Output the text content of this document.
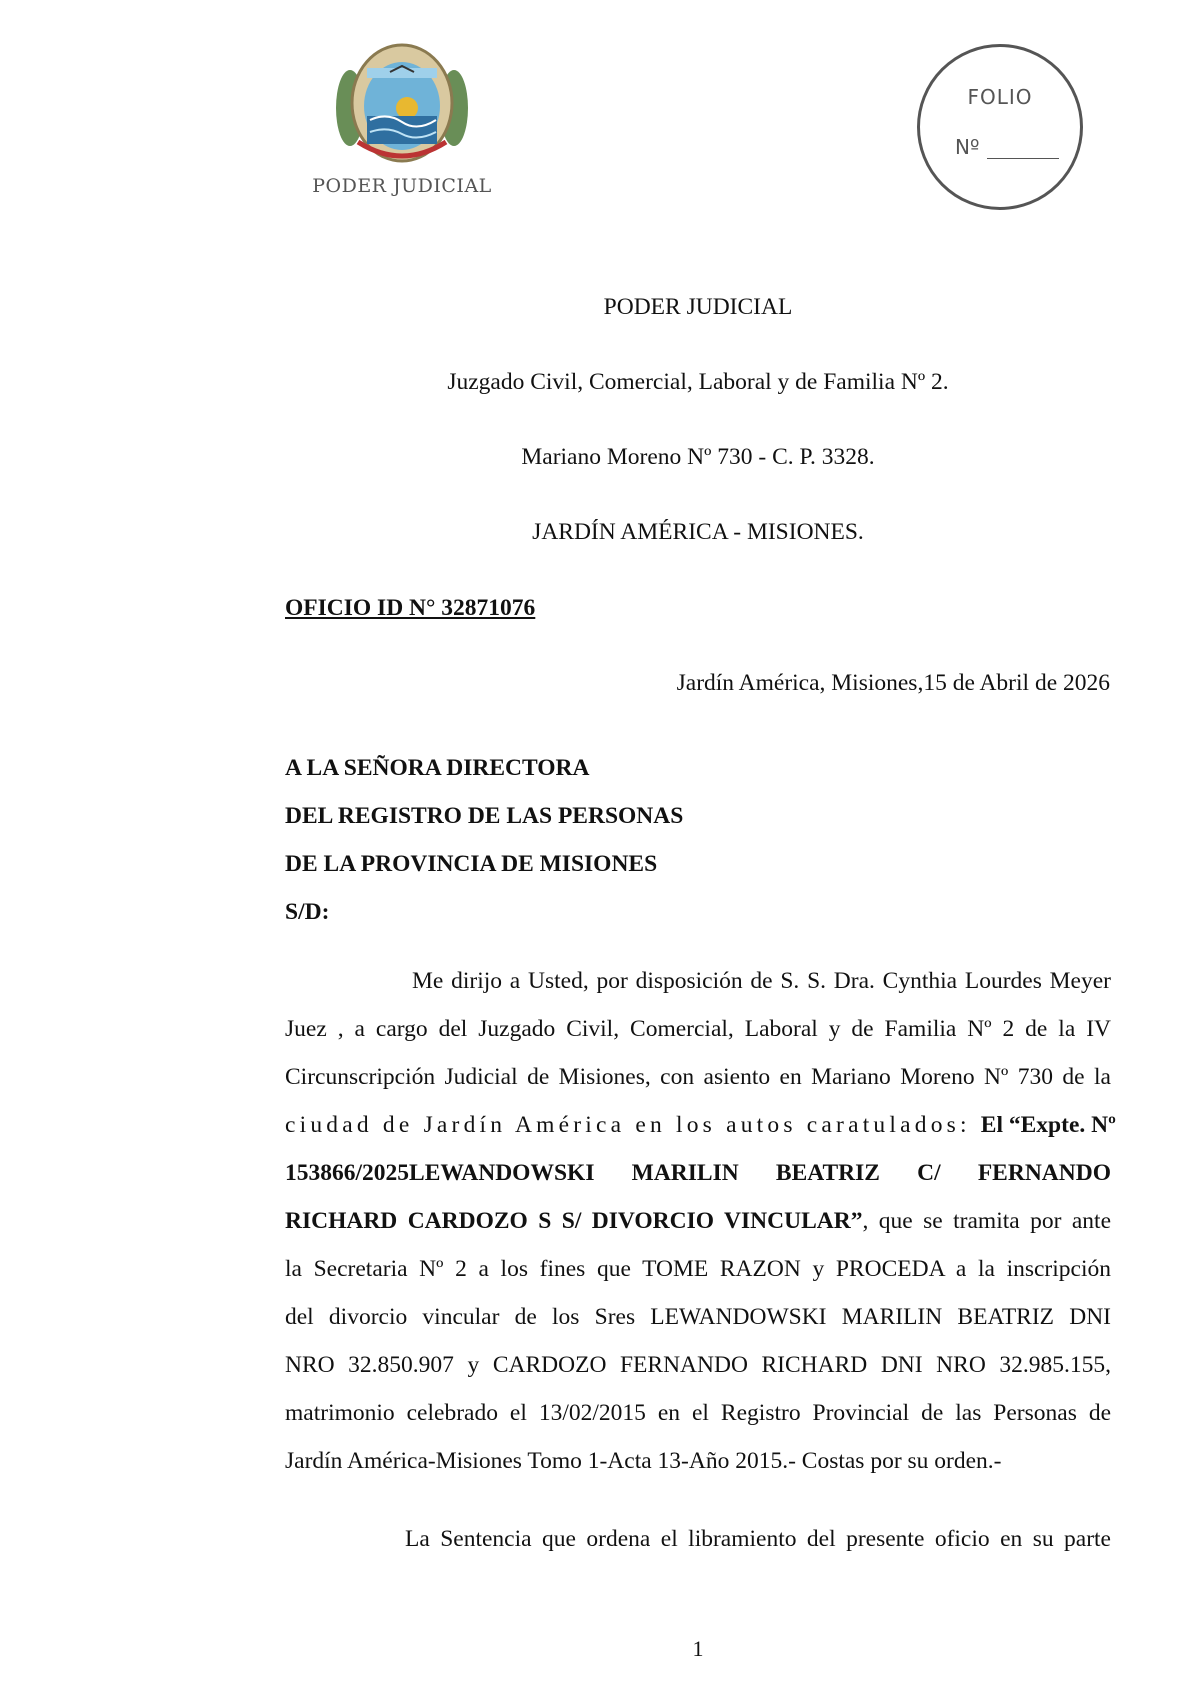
PODER JUDICIAL
FOLIO
Nº
PODER JUDICIAL
Juzgado Civil, Comercial, Laboral y de Familia Nº 2.
Mariano Moreno Nº 730 - C. P. 3328.
JARDÍN AMÉRICA - MISIONES.
OFICIO ID N° 32871076
Jardín América, Misiones,15 de Abril de 2026
A LA SEÑORA DIRECTORA
DEL REGISTRO DE LAS PERSONAS
DE LA PROVINCIA DE MISIONES
S/D:
Me dirijo a Usted, por disposición de S. S. Dra. Cynthia Lourdes Meyer
Juez , a cargo del Juzgado Civil, Comercial, Laboral y de Familia Nº 2 de la IV
Circunscripción Judicial de Misiones, con asiento en Mariano Moreno Nº 730 de la
ciudad de Jardín América en los autos caratulados: El “Expte. Nº
153866/2025LEWANDOWSKI MARILIN BEATRIZ C/ FERNANDO
RICHARD CARDOZO S S/ DIVORCIO VINCULAR”, que se tramita por ante
la Secretaria Nº 2 a los fines que TOME RAZON y PROCEDA a la inscripción
del divorcio vincular de los Sres LEWANDOWSKI MARILIN BEATRIZ DNI
NRO 32.850.907 y CARDOZO FERNANDO RICHARD DNI NRO 32.985.155,
matrimonio celebrado el 13/02/2015 en el Registro Provincial de las Personas de
Jardín América-Misiones Tomo 1-Acta 13-Año 2015.- Costas por su orden.-
La Sentencia que ordena el libramiento del presente oficio en su parte
1
